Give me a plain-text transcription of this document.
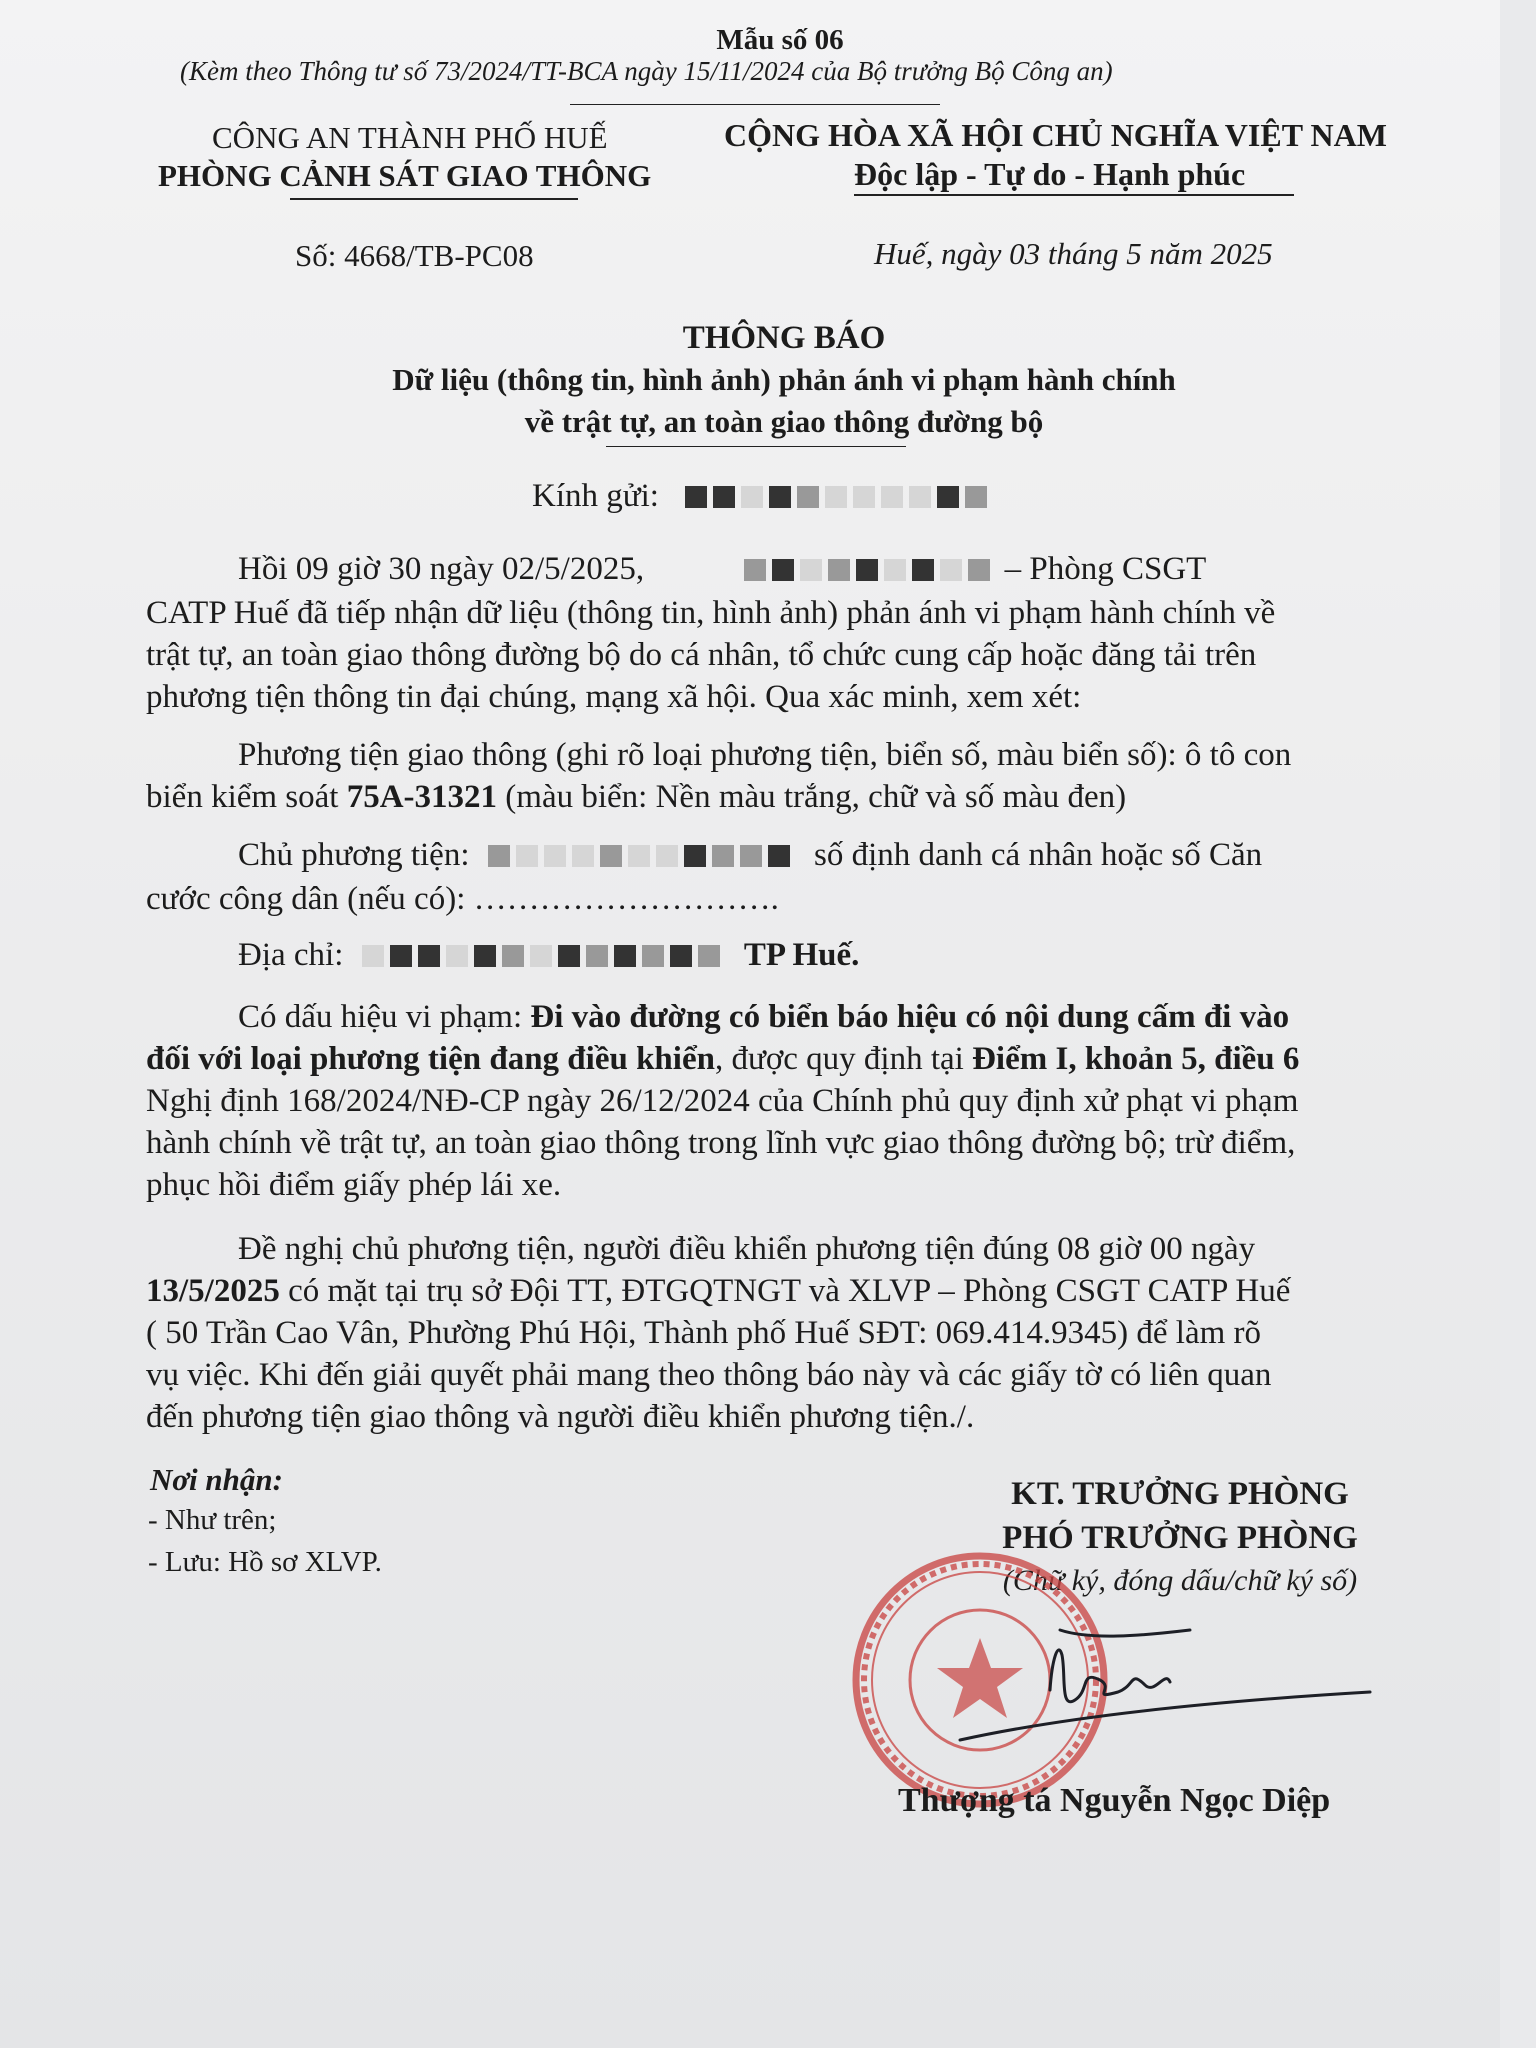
Mẫu số 06
(Kèm theo Thông tư số 73/2024/TT-BCA ngày 15/11/2024 của Bộ trưởng Bộ Công an)
CÔNG AN THÀNH PHỐ HUẾ
PHÒNG CẢNH SÁT GIAO THÔNG
Số: 4668/TB-PC08
CỘNG HÒA XÃ HỘI CHỦ NGHĨA VIỆT NAM
Độc lập - Tự do - Hạnh phúc
Huế, ngày 03 tháng 5 năm 2025
THÔNG BÁO
Dữ liệu (thông tin, hình ảnh) phản ánh vi phạm hành chính
về trật tự, an toàn giao thông đường bộ
Kính gửi:
Hồi 09 giờ 30 ngày 02/5/2025,	– Phòng CSGT
CATP Huế đã tiếp nhận dữ liệu (thông tin, hình ảnh) phản ánh vi phạm hành chính về
trật tự, an toàn giao thông đường bộ do cá nhân, tổ chức cung cấp hoặc đăng tải trên
phương tiện thông tin đại chúng, mạng xã hội. Qua xác minh, xem xét:
Phương tiện giao thông (ghi rõ loại phương tiện, biển số, màu biển số): ô tô con
biển kiểm soát 75A-31321 (màu biển: Nền màu trắng, chữ và số màu đen)
Chủ phương tiện:	số định danh cá nhân hoặc số Căn
cước công dân (nếu có): ……………………….
Địa chỉ:	TP Huế.
Có dấu hiệu vi phạm: Đi vào đường có biển báo hiệu có nội dung cấm đi vào
đối với loại phương tiện đang điều khiển, được quy định tại Điểm I, khoản 5, điều 6
Nghị định 168/2024/NĐ-CP ngày 26/12/2024 của Chính phủ quy định xử phạt vi phạm
hành chính về trật tự, an toàn giao thông trong lĩnh vực giao thông đường bộ; trừ điểm,
phục hồi điểm giấy phép lái xe.
Đề nghị chủ phương tiện, người điều khiển phương tiện đúng 08 giờ 00 ngày
13/5/2025 có mặt tại trụ sở Đội TT, ĐTGQTNGT và XLVP – Phòng CSGT CATP Huế
( 50 Trần Cao Vân, Phường Phú Hội, Thành phố Huế SĐT: 069.414.9345) để làm rõ
vụ việc. Khi đến giải quyết phải mang theo thông báo này và các giấy tờ có liên quan
đến phương tiện giao thông và người điều khiển phương tiện./.
Nơi nhận:
- Như trên;
- Lưu: Hồ sơ XLVP.
KT. TRƯỞNG PHÒNG
PHÓ TRƯỞNG PHÒNG
(Chữ ký, đóng dấu/chữ ký số)
Thượng tá Nguyễn Ngọc Diệp
